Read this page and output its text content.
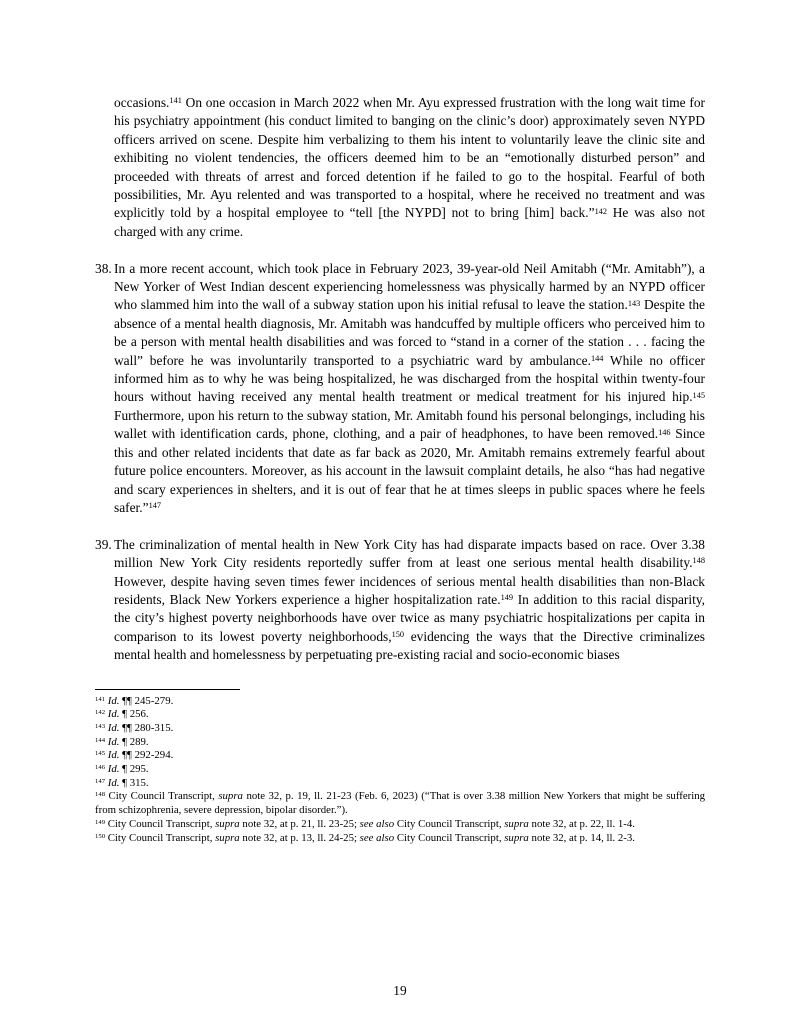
occasions.$^{141}$ On one occasion in March 2022 when Mr. Ayu expressed frustration with the long wait time for his psychiatry appointment (his conduct limited to banging on the clinic’s door) approximately seven NYPD officers arrived on scene. Despite him verbalizing to them his intent to voluntarily leave the clinic site and exhibiting no violent tendencies, the officers deemed him to be an “emotionally disturbed person” and proceeded with threats of arrest and forced detention if he failed to go to the hospital. Fearful of both possibilities, Mr. Ayu relented and was transported to a hospital, where he received no treatment and was explicitly told by a hospital employee to “tell [the NYPD] not to bring [him] back.”$^{142}$ He was also not charged with any crime.

38. In a more recent account, which took place in February 2023, 39-year-old Neil Amitabh (“Mr. Amitabh”), a New Yorker of West Indian descent experiencing homelessness was physically harmed by an NYPD officer who slammed him into the wall of a subway station upon his initial refusal to leave the station.$^{143}$ Despite the absence of a mental health diagnosis, Mr. Amitabh was handcuffed by multiple officers who perceived him to be a person with mental health disabilities and was forced to “stand in a corner of the station . . . facing the wall” before he was involuntarily transported to a psychiatric ward by ambulance.$^{144}$ While no officer informed him as to why he was being hospitalized, he was discharged from the hospital within twenty-four hours without having received any mental health treatment or medical treatment for his injured hip.$^{145}$ Furthermore, upon his return to the subway station, Mr. Amitabh found his personal belongings, including his wallet with identification cards, phone, clothing, and a pair of headphones, to have been removed.$^{146}$ Since this and other related incidents that date as far back as 2020, Mr. Amitabh remains extremely fearful about future police encounters. Moreover, as his account in the lawsuit complaint details, he also “has had negative and scary experiences in shelters, and it is out of fear that he at times sleeps in public spaces where he feels safer.”$^{147}$
39. The criminalization of mental health in New York City has had disparate impacts based on race. Over 3.38 million New York City residents reportedly suffer from at least one serious mental health disability.$^{148}$ However, despite having seven times fewer incidences of serious mental health disabilities than non-Black residents, Black New Yorkers experience a higher hospitalization rate.$^{149}$ In addition to this racial disparity, the city’s highest poverty neighborhoods have over twice as many psychiatric hospitalizations per capita in comparison to its lowest poverty neighborhoods,$^{150}$ evidencing the ways that the Directive criminalizes mental health and homelessness by perpetuating pre-existing racial and socio-economic biases

$^{141}$ Id. ¶¶ 245-279.

$^{142}$ Id. ¶ 256.

$^{143}$ Id. ¶¶ 280-315.

$^{144}$ Id. ¶ 289.

$^{145}$ Id. ¶¶ 292-294.

$^{146}$ Id. ¶ 295.

$^{147}$ Id. ¶ 315.

$^{148}$ City Council Transcript, supra note 32, p. 19, ll. 21-23 (Feb. 6, 2023) (“That is over 3.38 million New Yorkers that might be suffering from schizophrenia, severe depression, bipolar disorder.”).

$^{149}$ City Council Transcript, supra note 32, at p. 21, ll. 23-25; see also City Council Transcript, supra note 32, at p. 22, ll. 1-4.

$^{150}$ City Council Transcript, supra note 32, at p. 13, ll. 24-25; see also City Council Transcript, supra note 32, at p. 14, ll. 2-3.

19
